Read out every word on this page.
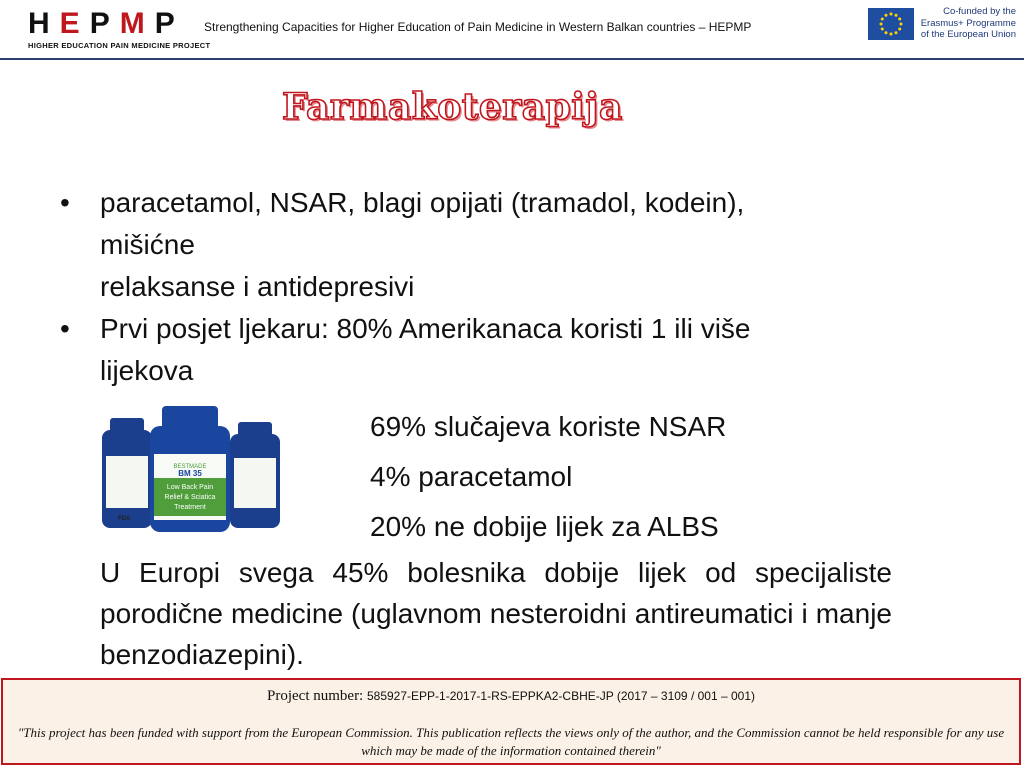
HEPMP
HIGHER EDUCATION PAIN MEDICINE PROJECT
Strengthening Capacities for Higher Education of Pain Medicine in Western Balkan countries – HEPMP
Co-funded by the
Erasmus+ Programme
of the European Union
Farmakoterapija
• paracetamol, NSAR, blagi opijati (tramadol, kodein),
mišićne
relaksanse i antidepresivi
• Prvi posjet ljekaru: 80% Amerikanaca koristi 1 ili više
lijekova
BESTMADE
BM 35
Low Back Pain
Relief & Sciatica
Treatment
FDA
69% slučajeva koriste NSAR
4% paracetamol
20% ne dobije lijek za ALBS
U Europi svega 45% bolesnika dobije lijek od specijaliste porodične medicine (uglavnom nesteroidni antireumatici i manje benzodiazepini).
Project number: 585927-EPP-1-2017-1-RS-EPPKA2-CBHE-JP (2017 – 3109 / 001 – 001)
"This project has been funded with support from the European Commission. This publication reflects the views only of the author, and the Commission cannot be held responsible for any use which may be made of the information contained therein"
